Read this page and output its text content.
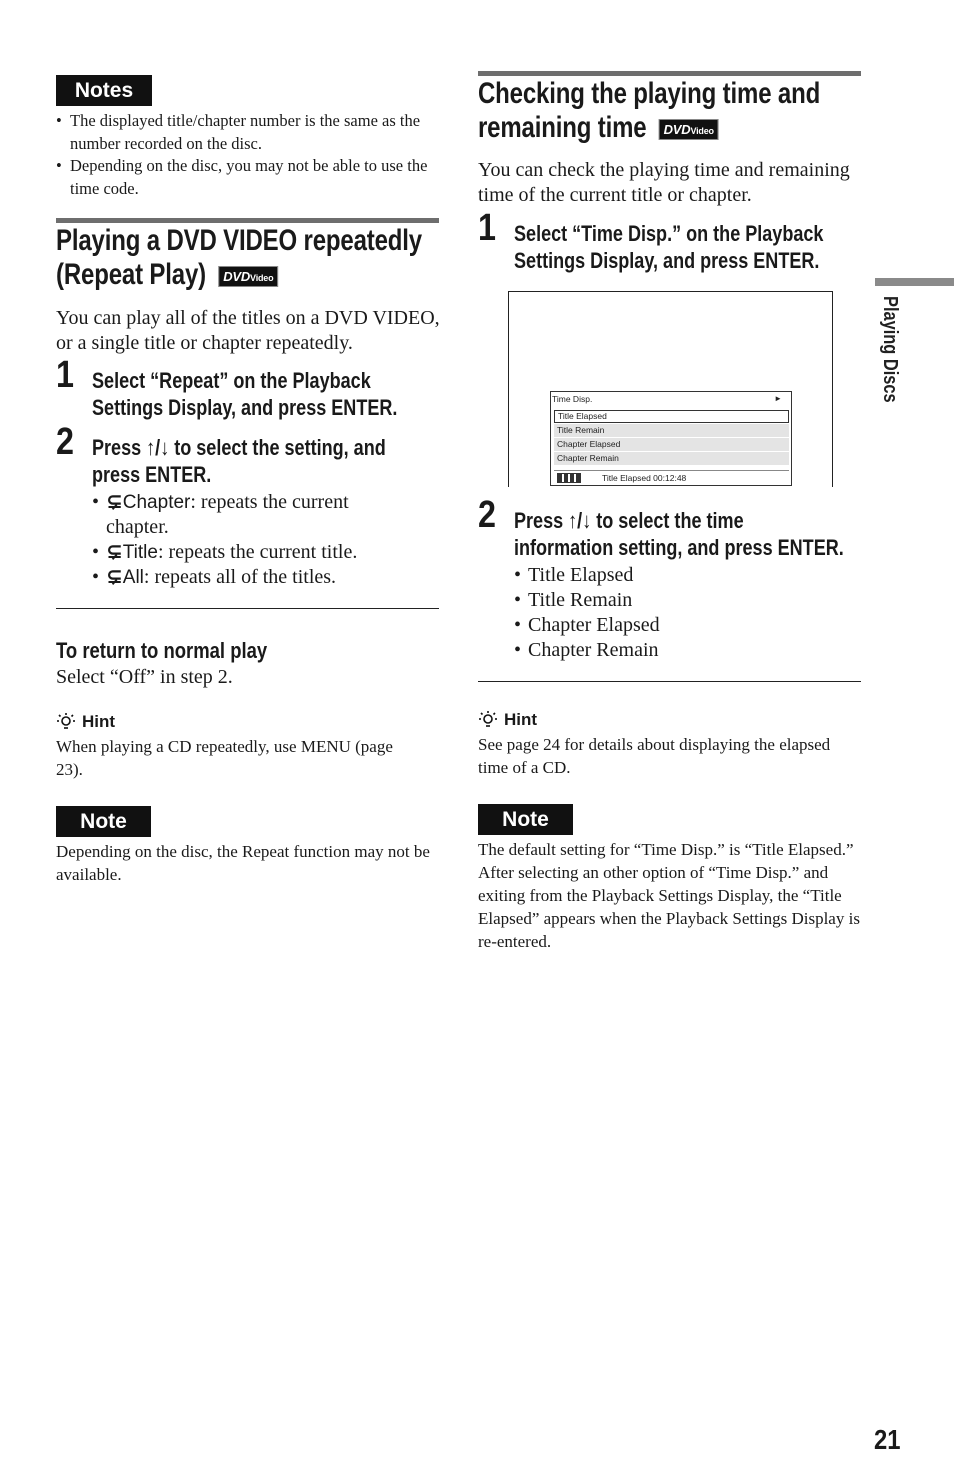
Notes
• The displayed title/chapter number is the same as the number recorded on the disc.
• Depending on the disc, you may not be able to use the time code.
Playing a DVD VIDEO repeatedly
(Repeat Play) DVDVideo
You can play all of the titles on a DVD VIDEO, or a single title or chapter repeatedly.
1 Select “Repeat” on the Playback
Settings Display, and press ENTER.
2 Press ↑/↓ to select the setting, and
press ENTER.
• ⊊Chapter: repeats the current
chapter.
• ⊊Title: repeats the current title.
• ⊊All: repeats all of the titles.
To return to normal play
Select “Off” in step 2.
Hint
When playing a CD repeatedly, use MENU (page 23).
Note
Depending on the disc, the Repeat function may not be available.
Checking the playing time and
remaining time DVDVideo
You can check the playing time and remaining time of the current title or chapter.
1 Select “Time Disp.” on the Playback
Settings Display, and press ENTER.
Time Disp.	►
Title Elapsed
Title Remain
Chapter Elapsed
Chapter Remain
Title Elapsed 00:12:48
2 Press ↑/↓ to select the time
information setting, and press ENTER.
• Title Elapsed
• Title Remain
• Chapter Elapsed
• Chapter Remain
Hint
See page 24 for details about displaying the elapsed time of a CD.
Note
The default setting for “Time Disp.” is “Title Elapsed.” After selecting an other option of “Time Disp.” and exiting from the Playback Settings Display, the “Title Elapsed” appears when the Playback Settings Display is re-entered.
Playing Discs
21
